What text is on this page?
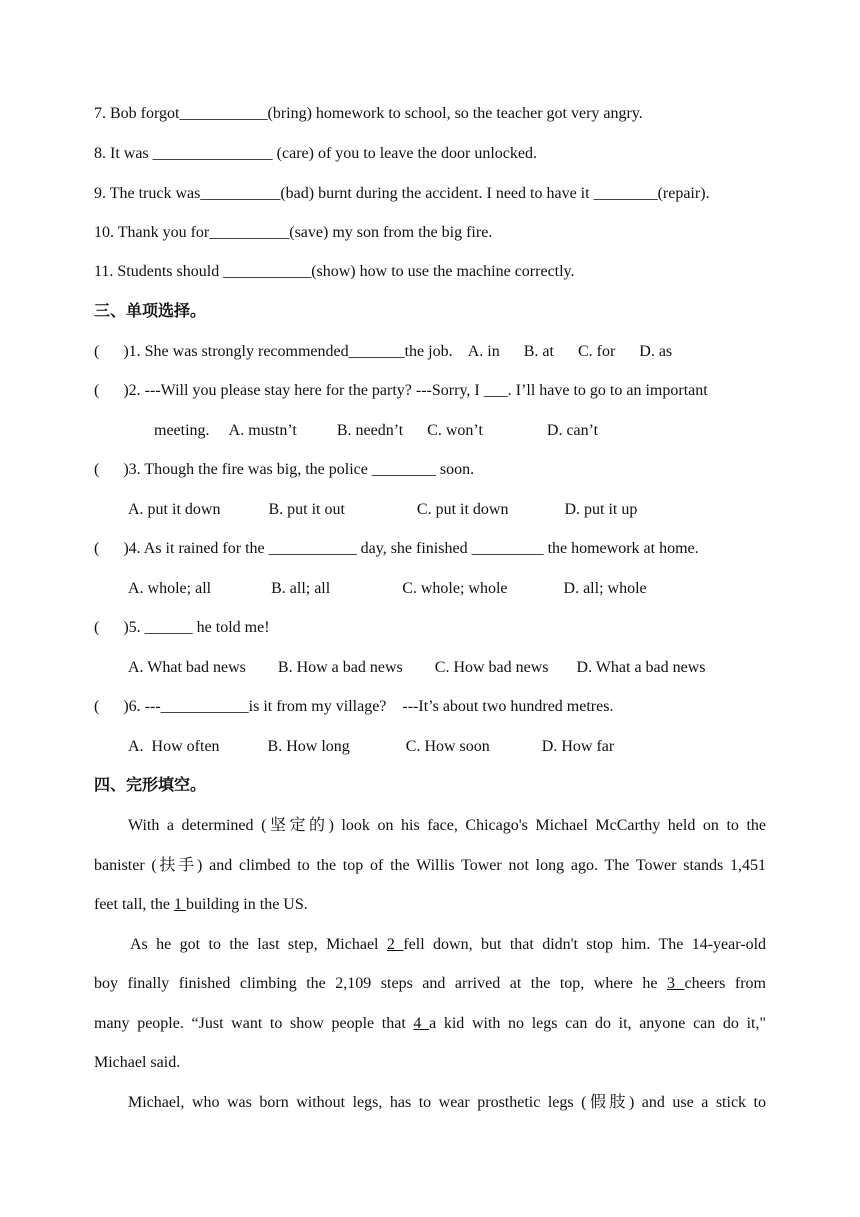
7. Bob forgot___________(bring) homework to school, so the teacher got very angry.
8. It was _______________ (care) of you to leave the door unlocked.
9. The truck was__________(bad) burnt during the accident. I need to have it ________(repair).
10. Thank you for__________(save) my son from the big fire.
11. Students should ___________(show) how to use the machine correctly.
三、单项选择。
(      )1. She was strongly recommended_______the job.    A. in      B. at      C. for      D. as
(      )2. ---Will you please stay here for the party? ---Sorry, I ___. I’ll have to go to an important
meeting.     A. mustn’t          B. needn’t      C. won’t                D. can’t
(      )3. Though the fire was big, the police ________ soon.
A. put it down            B. put it out                  C. put it down              D. put it up
(      )4. As it rained for the ___________ day, she finished _________ the homework at home.
A. whole; all               B. all; all                  C. whole; whole              D. all; whole
(      )5. ______ he told me!
A. What bad news        B. How a bad news        C. How bad news       D. What a bad news
(      )6. ---___________is it from my village?    ---It’s about two hundred metres.
A.  How often            B. How long              C. How soon             D. How far
四、完形填空。
With a determined (坚定的) look on his face, Chicago's Michael McCarthy held on to the
banister (扶手) and climbed to the top of the Willis Tower not long ago. The Tower stands 1,451
feet tall, the 1 building in the US.
As he got to the last step, Michael 2 fell down, but that didn't stop him. The 14-year-old
boy finally finished climbing the 2,109 steps and arrived at the top, where he 3 cheers from
many people. “Just want to show people that 4 a kid with no legs can do it, anyone can do it,"
Michael said.
Michael, who was born without legs, has to wear prosthetic legs (假肢) and use a stick to
